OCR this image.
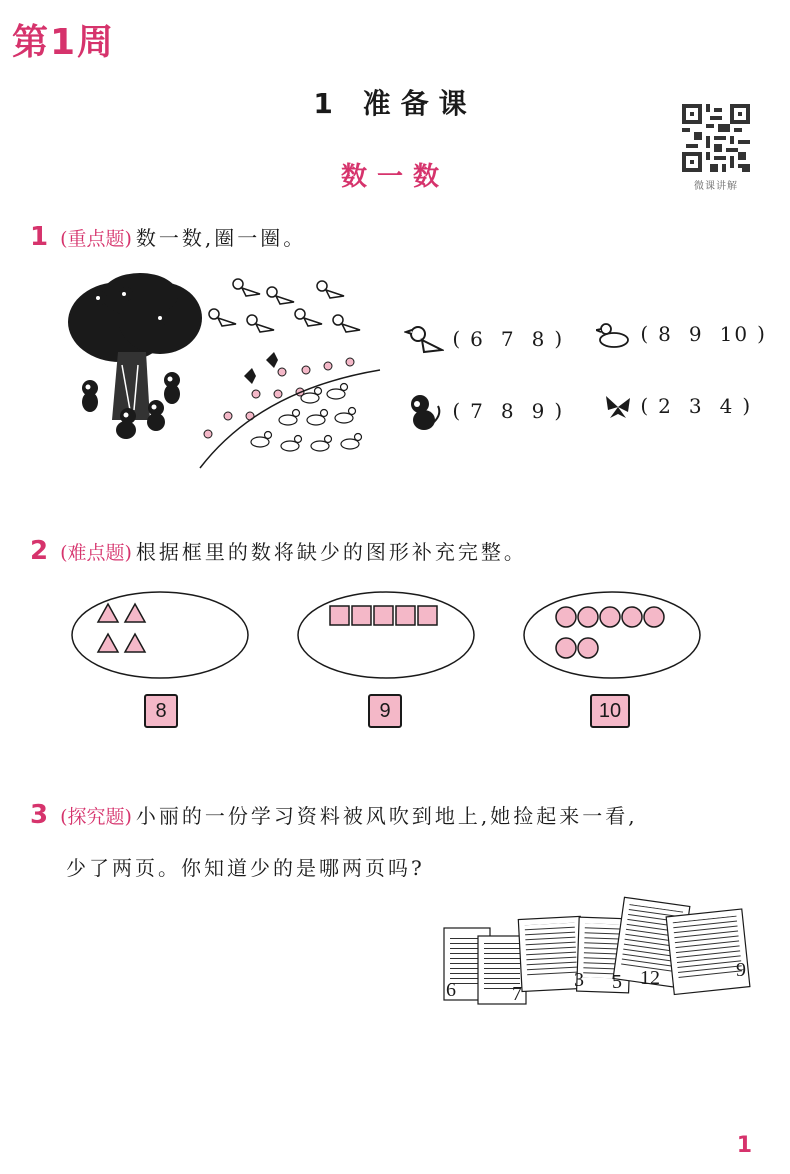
第1周
1 准备课
数一数	微课讲解
1 (重点题) 数一数,圈一圈。
( 6 7 8 )	( 8 9 10 )
( 7 8 9 )	( 2 3 4 )
2 (难点题) 根据框里的数将缺少的图形补充完整。
8	9	10
3 (探究题) 小丽的一份学习资料被风吹到地上,她捡起来一看,
少了两页。你知道少的是哪两页吗?
6	7
3 5 12	9
1
